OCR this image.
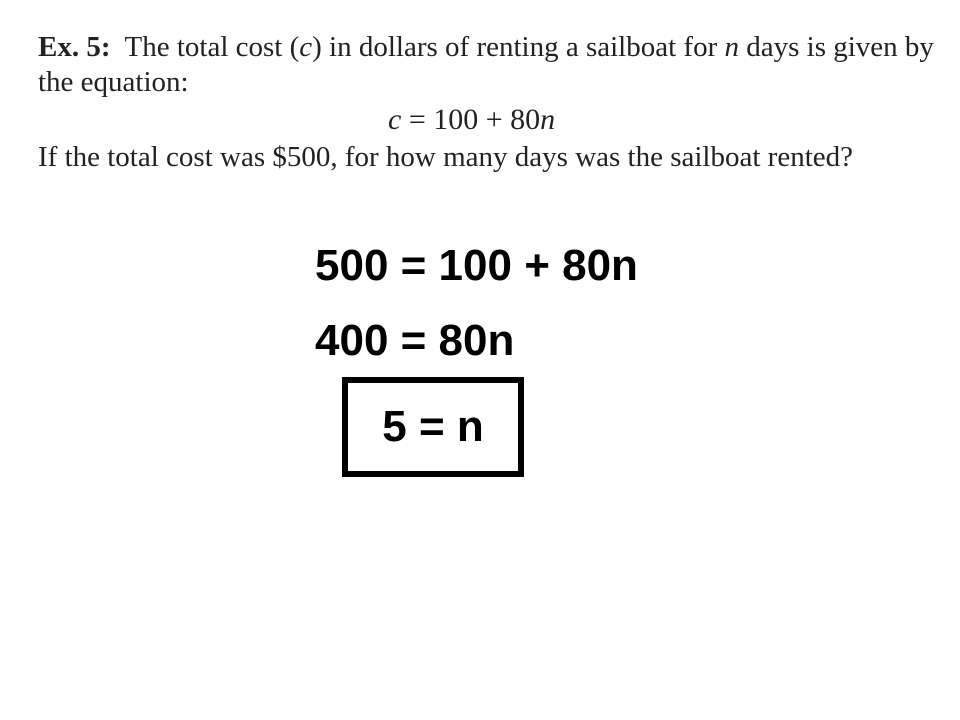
Ex. 5: The total cost (c) in dollars of renting a sailboat for n days is given by the equation:

c = 100 + 80n

If the total cost was $500, for how many days was the sailboat rented?

500 = 100 + 80n
400 = 80n
5 = n
